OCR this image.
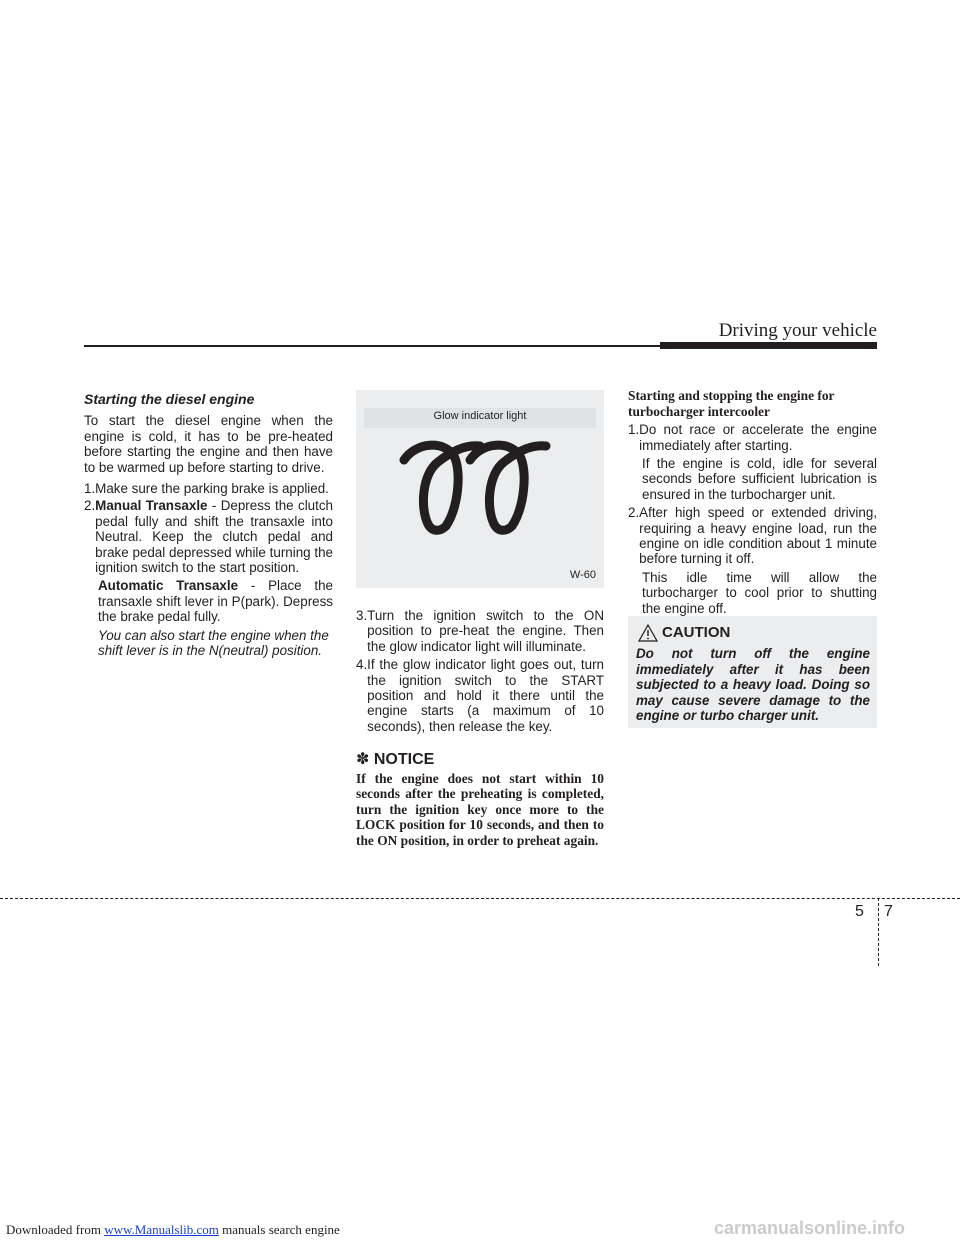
Driving your vehicle

Starting the diesel engine

To start the diesel engine when the engine is cold, it has to be pre-heated before starting the engine and then have to be warmed up before starting to drive.

1. Make sure the parking brake is applied.
2. Manual Transaxle - Depress the clutch pedal fully and shift the transaxle into Neutral. Keep the clutch pedal and brake pedal depressed while turning the ignition switch to the start position.

Automatic Transaxle - Place the transaxle shift lever in P(park). Depress the brake pedal fully.

You can also start the engine when the shift lever is in the N(neutral) position.

Glow indicator light
W-60
3. Turn the ignition switch to the ON position to pre-heat the engine. Then the glow indicator light will illuminate.
4. If the glow indicator light goes out, turn the ignition switch to the START position and hold it there until the engine starts (a maximum of 10 seconds), then release the key.

✽ NOTICE

If the engine does not start within 10 seconds after the preheating is completed, turn the ignition key once more to the LOCK position for 10 seconds, and then to the ON position, in order to preheat again.

Starting and stopping the engine for turbocharger intercooler

1. Do not race or accelerate the engine immediately after starting.

If the engine is cold, idle for several seconds before sufficient lubrication is ensured in the turbocharger unit.

2. After high speed or extended driving, requiring a heavy engine load, run the engine on idle condition about 1 minute before turning it off.

This idle time will allow the turbocharger to cool prior to shutting the engine off.

CAUTION
Do not turn off the engine immediately after it has been subjected to a heavy load. Doing so may cause severe damage to the engine or turbo charger unit.
5 7
Downloaded from www.Manualslib.com manuals search engine	carmanualsonline.info
